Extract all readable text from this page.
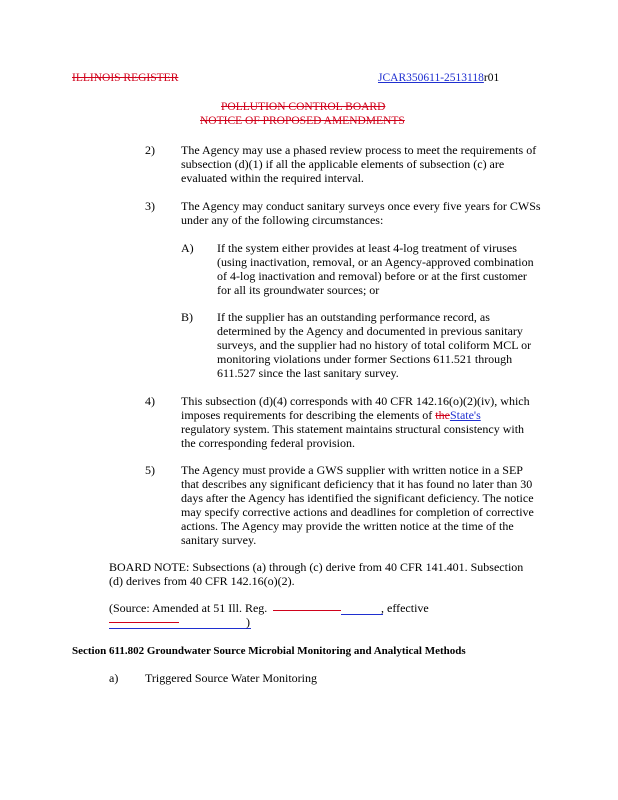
ILLINOIS REGISTER	JCAR350611-2513118r01
POLLUTION CONTROL BOARD
NOTICE OF PROPOSED AMENDMENTS
2) The Agency may use a phased review process to meet the requirements of
subsection (d)(1) if all the applicable elements of subsection (c) are
evaluated within the required interval.
3) The Agency may conduct sanitary surveys once every five years for CWSs
under any of the following circumstances:
A) If the system either provides at least 4-log treatment of viruses
(using inactivation, removal, or an Agency-approved combination
of 4-log inactivation and removal) before or at the first customer
for all its groundwater sources; or
B) If the supplier has an outstanding performance record, as
determined by the Agency and documented in previous sanitary
surveys, and the supplier had no history of total coliform MCL or
monitoring violations under former Sections 611.521 through
611.527 since the last sanitary survey.
4) This subsection (d)(4) corresponds with 40 CFR 142.16(o)(2)(iv), which
imposes requirements for describing the elements of theState's
regulatory system. This statement maintains structural consistency with
the corresponding federal provision.
5) The Agency must provide a GWS supplier with written notice in a SEP
that describes any significant deficiency that it has found no later than 30
days after the Agency has identified the significant deficiency. The notice
may specify corrective actions and deadlines for completion of corrective
actions. The Agency may provide the written notice at the time of the
sanitary survey.
BOARD NOTE: Subsections (a) through (c) derive from 40 CFR 141.401. Subsection
(d) derives from 40 CFR 142.16(o)(2).
(Source: Amended at 51 Ill. Reg.	, effective
)
Section 611.802 Groundwater Source Microbial Monitoring and Analytical Methods
a) Triggered Source Water Monitoring
